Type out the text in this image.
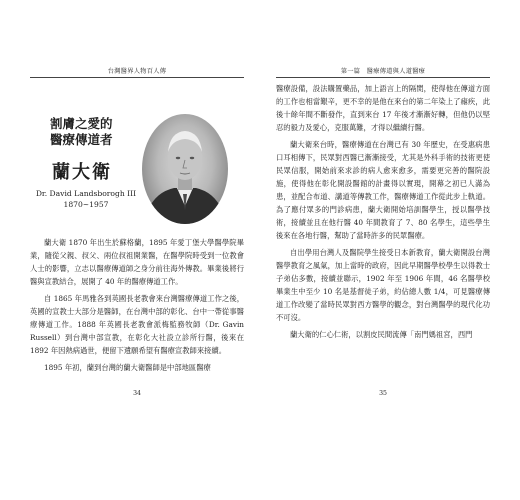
台灣醫界人物百人傳
割膚之愛的
醫療傳道者
蘭大衛
Dr. David Landsborogh III
1870~1957

蘭大衛 1870 年出生於蘇格蘭，1895 年愛丁堡大學醫學院畢業，隨從父親、叔父、兩位叔祖開業醫，在醫學院時受到一位教會人士的影響，立志以醫療傳道師之身分前往海外傳教。畢業後將行醫與宣教結合，展開了 40 年的醫療傳道工作。

自 1865 年馬雅各到英國長老教會來台灣醫療傳道工作之後，英國的宣教士大部分是醫師，在台灣中部的彰化、台中一帶從事醫療傳道工作。1888 年英國長老教會派梅監務牧師（Dr. Gavin Russell）到台灣中部宣教，在彰化大社設立診所行醫，後來在 1892 年因熱病過世，便留下遺願希望有醫療宣教師來接續。

1895 年初，蘭到台灣的蘭大衛醫師是中部地區醫療

34
第一篇　醫療傳道與人道醫療

醫療設備，設法購置藥品，加上語言上的隔閡，使得他在傳道方面的工作也相當艱辛，更不幸的是他在來台的第二年染上了瘧疾，此後十餘年間不斷發作，直到來台 17 年後才漸漸好轉，但他仍以堅忍的毅力及愛心，克服萬難，才得以繼續行醫。

蘭大衛來台時，醫療傳道在台灣已有 30 年歷史，在受惠病患口耳相傳下，民眾對西醫已漸漸接受，尤其是外科手術的技術更使民眾信服，開始前來求診的病人愈來愈多，需要更完善的醫院設施，使得他在彰化開設醫館的計畫得以實現，開幕之初已人滿為患，並配合布道、講道等傳教工作，醫療傳道工作從此步上軌道。為了應付眾多的門診病患，蘭大衛開始培訓醫學生，授以醫學技術，接續並且在他行醫 40 年間教育了 7、80 名學生，這些學生後來在各地行醫，幫助了當時許多的民眾醫療。

自出學用台灣人及醫院學生接受日本新教育，蘭大衛開設台灣醫學教育之風氣，加上當時的政府，因此早期醫學校學生以得教士子弟佔多數，接續並聯示，1902 年至 1906 年間，46 名醫學校畢業生中至少 10 名是基督徒子弟，約佔總人數 1/4，可見醫療傳道工作改變了當時民眾對西方醫學的觀念，對台灣醫學的現代化功不可沒。

蘭大衛的仁心仁術，以割皮民間流傳「南門媽祖宮，西門

35
